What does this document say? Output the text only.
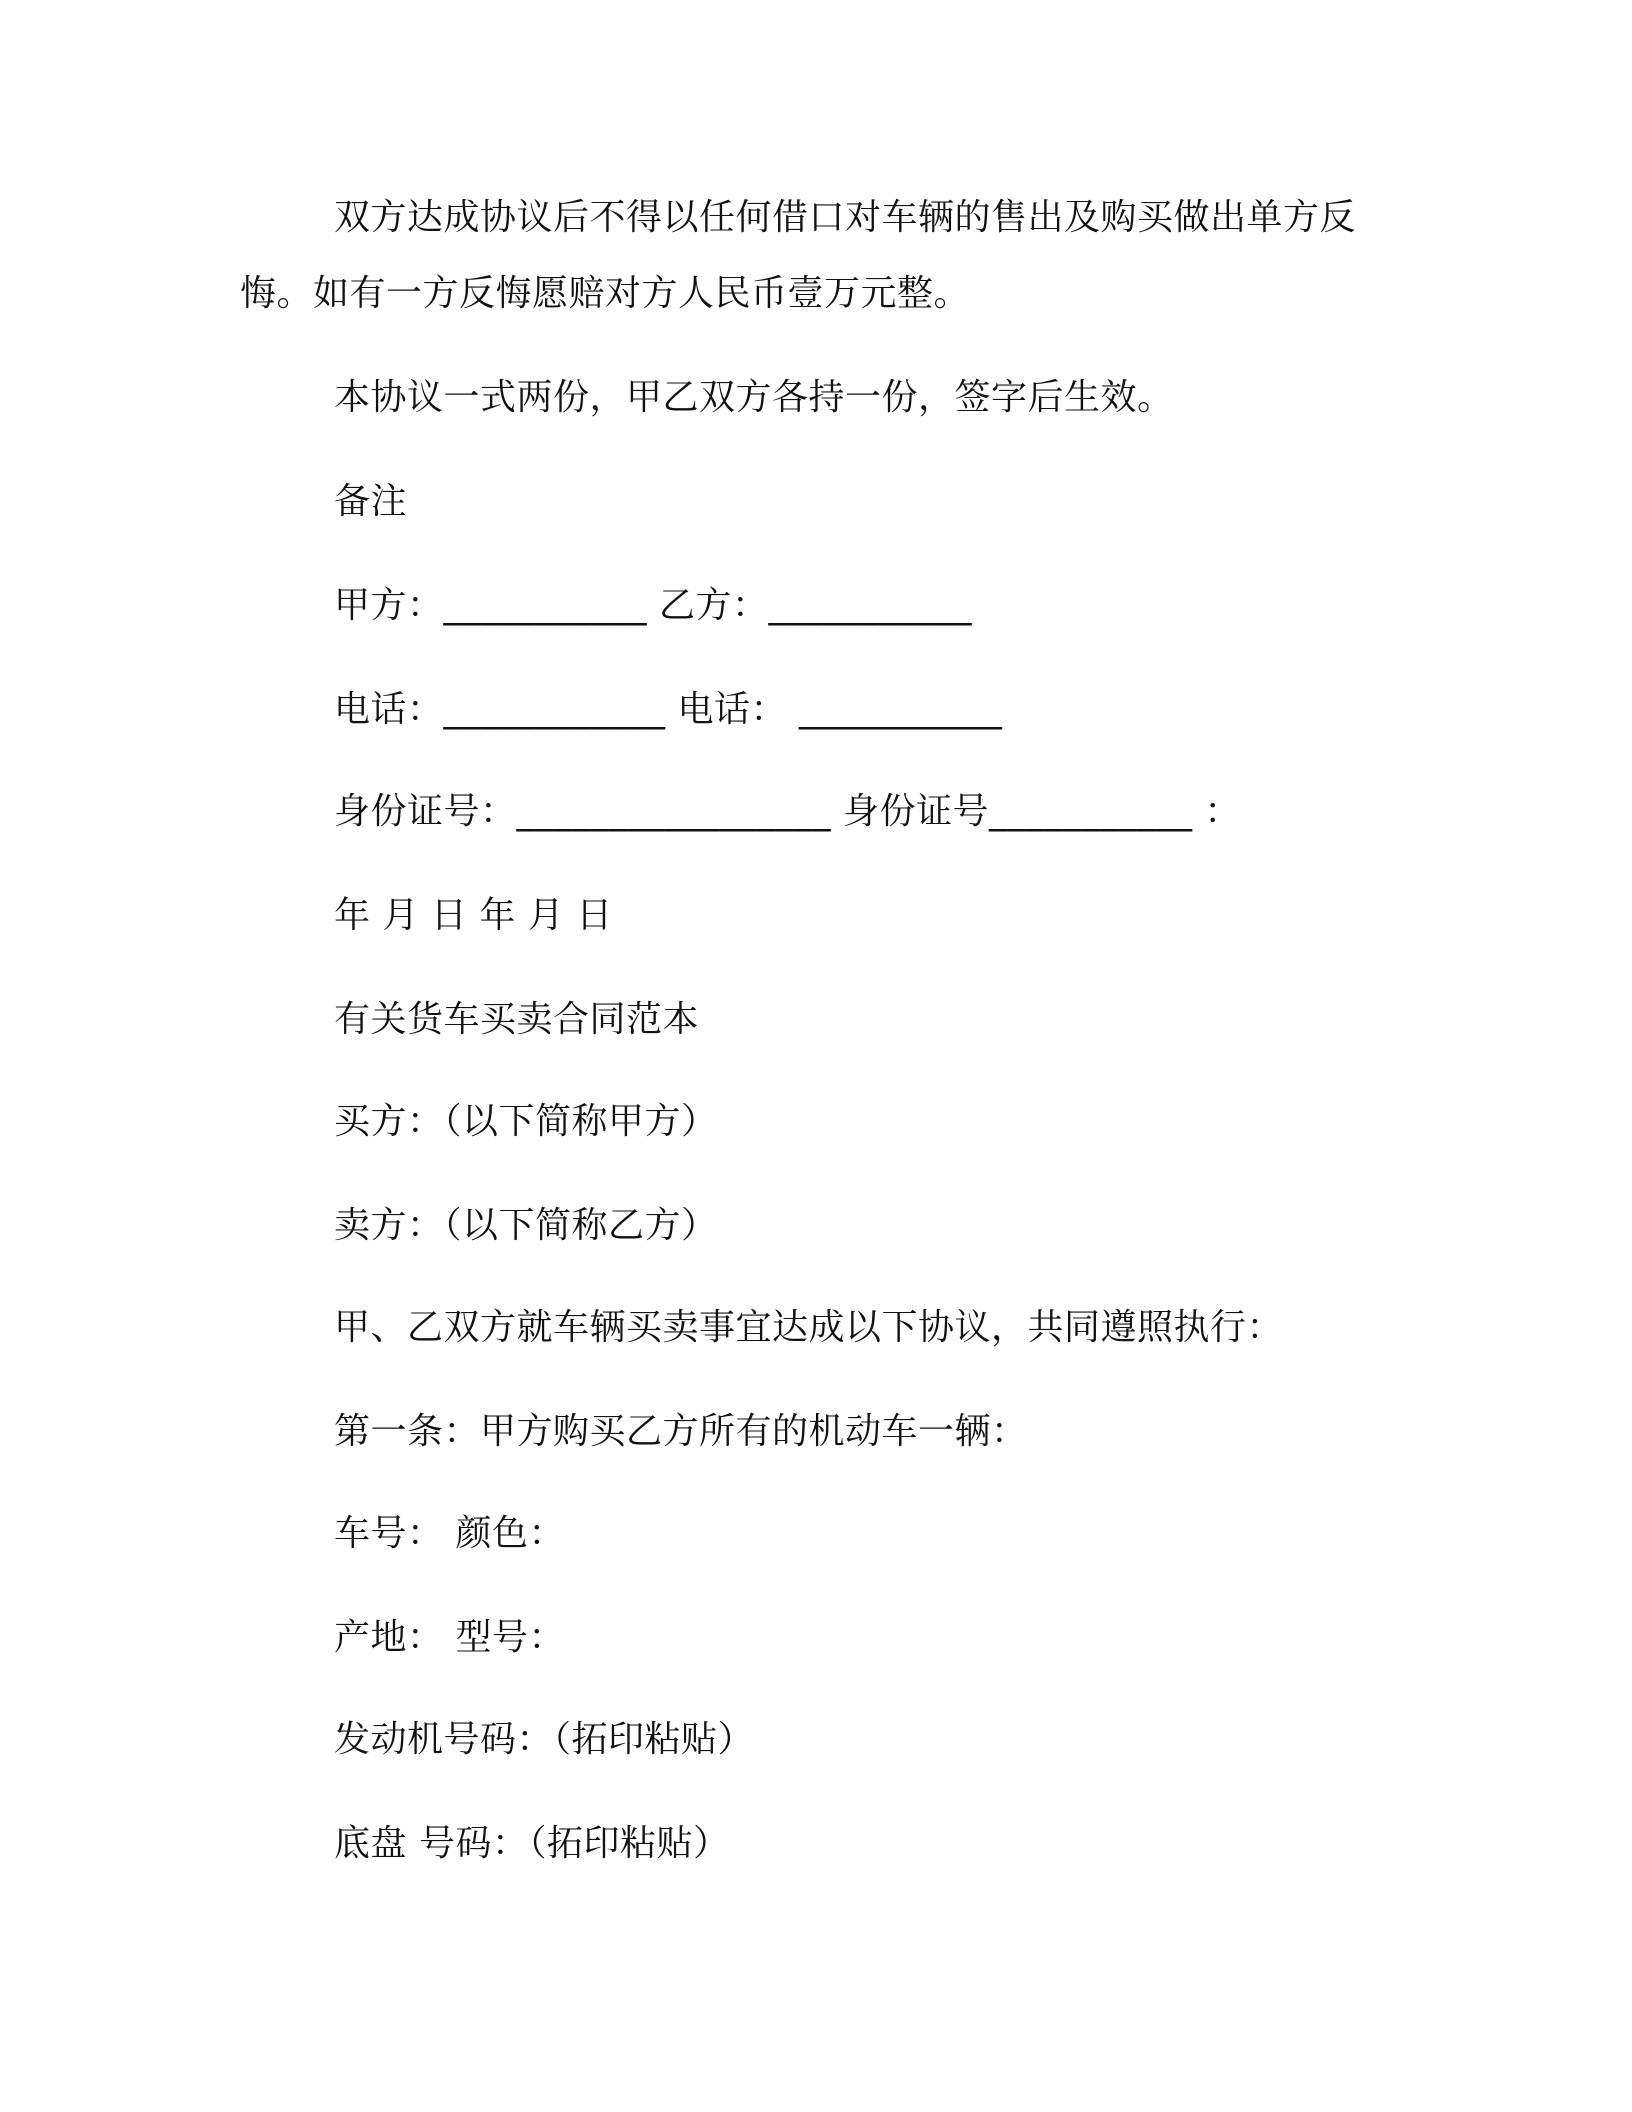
双方达成协议后不得以任何借口对车辆的售出及购买做出单方反
悔。如有一方反悔愿赔对方人民币壹万元整。
本协议一式两份，甲乙双方各持一份，签字后生效。
备注
甲方：___________ 乙方：___________
电话：____________ 电话： ___________
身份证号：_________________ 身份证号___________ ：
年 月 日 年 月 日
有关货车买卖合同范本
买方：（以下简称甲方）
卖方：（以下简称乙方）
甲、乙双方就车辆买卖事宜达成以下协议，共同遵照执行：
第一条：甲方购买乙方所有的机动车一辆：
车号： 颜色：
产地： 型号：
发动机号码：（拓印粘贴）
底盘 号码：（拓印粘贴）
